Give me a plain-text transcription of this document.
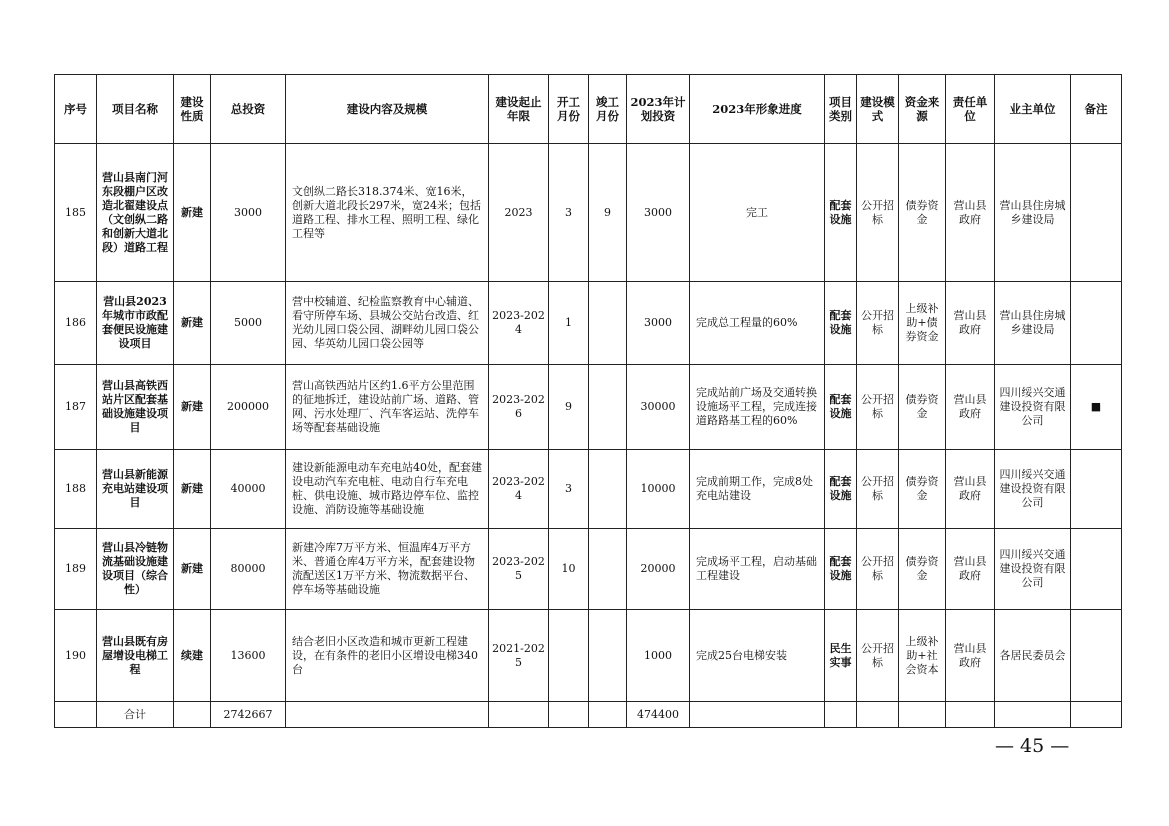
序号	项目名称	建设性质	总投资	建设内容及规模	建设起止年限	开工月份	竣工月份	2023年计划投资	2023年形象进度	项目类别	建设模式	资金来源	责任单位	业主单位	备注
185	营山县南门河东段棚户区改造北翟建设点（文创纵二路和创新大道北段）道路工程	新建	3000	文创纵二路长318.374米、宽16米，创新大道北段长297米，宽24米；包括道路工程、排水工程、照明工程、绿化工程等	2023	3	9	3000	完工	配套设施	公开招标	债券资金	营山县政府	营山县住房城乡建设局	
186	营山县2023年城市市政配套便民设施建设项目	新建	5000	营中校辅道、纪检监察教育中心辅道、看守所停车场、县城公交站台改造、红光幼儿园口袋公园、湖畔幼儿园口袋公园、华英幼儿园口袋公园等	2023-2024	1		3000	完成总工程量的60%	配套设施	公开招标	上级补助+债券资金	营山县政府	营山县住房城乡建设局	
187	营山县高铁西站片区配套基础设施建设项目	新建	200000	营山高铁西站片区约1.6平方公里范围的征地拆迁，建设站前广场、道路、管网、污水处理厂、汽车客运站、洗停车场等配套基础设施	2023-2026	9		30000	完成站前广场及交通转换设施场平工程，完成连接道路路基工程的60%	配套设施	公开招标	债券资金	营山县政府	四川绥兴交通建设投资有限公司	■
188	营山县新能源充电站建设项目	新建	40000	建设新能源电动车充电站40处，配套建设电动汽车充电桩、电动自行车充电桩、供电设施、城市路边停车位、监控设施、消防设施等基础设施	2023-2024	3		10000	完成前期工作，完成8处充电站建设	配套设施	公开招标	债券资金	营山县政府	四川绥兴交通建设投资有限公司	
189	营山县冷链物流基础设施建设项目（综合性）	新建	80000	新建冷库7万平方米、恒温库4万平方米、普通仓库4万平方米，配套建设物流配送区1万平方米、物流数据平台、停车场等基础设施	2023-2025	10		20000	完成场平工程，启动基础工程建设	配套设施	公开招标	债券资金	营山县政府	四川绥兴交通建设投资有限公司	
190	营山县既有房屋增设电梯工程	续建	13600	结合老旧小区改造和城市更新工程建设，在有条件的老旧小区增设电梯340台	2021-2025			1000	完成25台电梯安装	民生实事	公开招标	上级补助+社会资本	营山县政府	各居民委员会	
	合计		2742667					474400							
— 45 —
